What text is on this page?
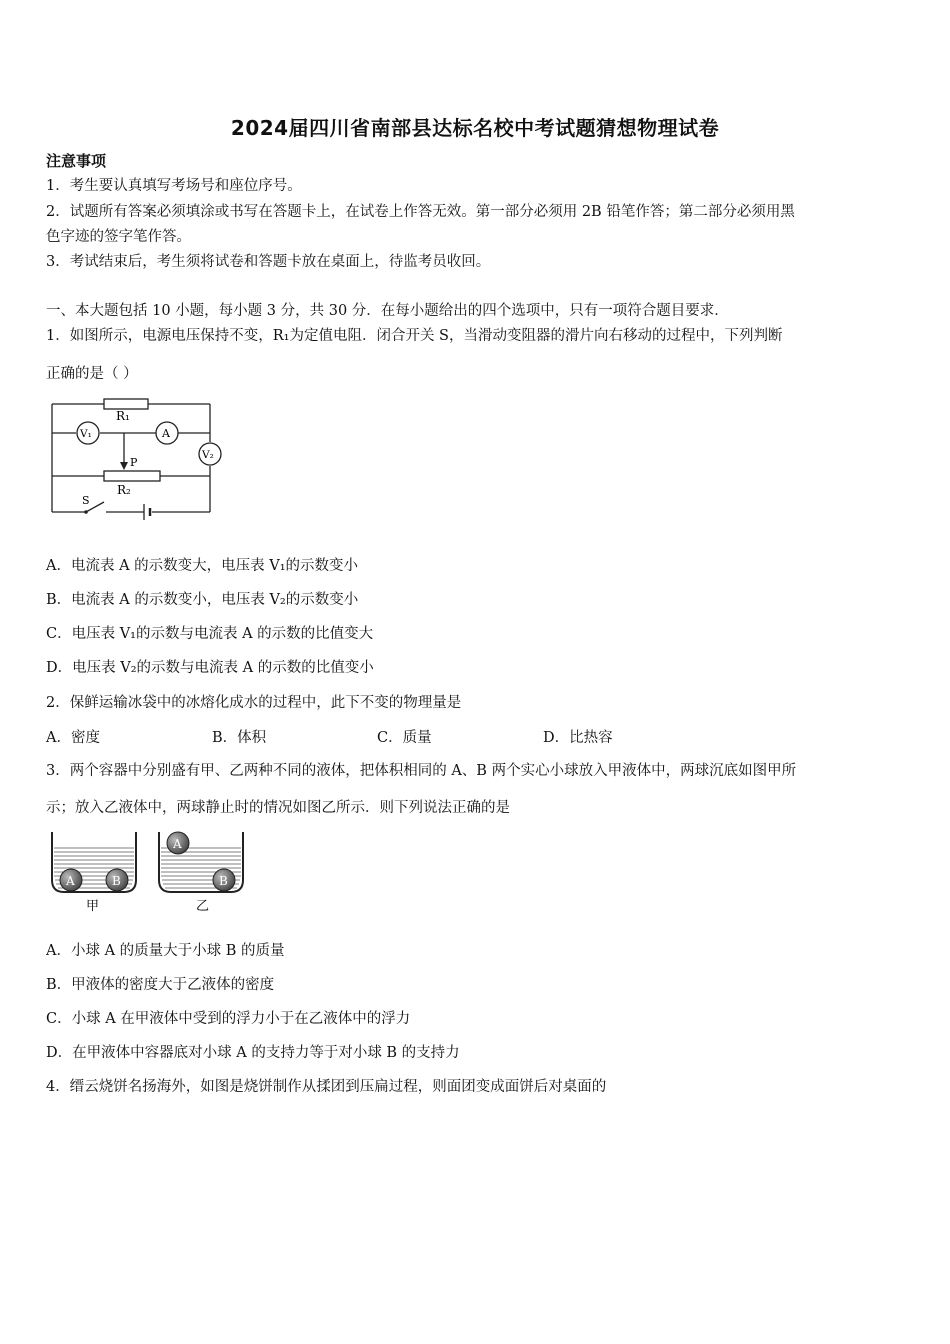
2024届四川省南部县达标名校中考试题猜想物理试卷
注意事项
1．考生要认真填写考场号和座位序号。
2．试题所有答案必须填涂或书写在答题卡上，在试卷上作答无效。第一部分必须用 2B 铅笔作答；第二部分必须用黑
色字迹的签字笔作答。
3．考试结束后，考生须将试卷和答题卡放在桌面上，待监考员收回。
一、本大题包括 10 小题，每小题 3 分，共 30 分．在每小题给出的四个选项中，只有一项符合题目要求．
1．如图所示，电源电压保持不变，R₁为定值电阻．闭合开关 S，当滑动变阻器的滑片向右移动的过程中，下列判断
正确的是（ ）
R₁
V₁	A
V₂
P
R₂
S
A．电流表 A 的示数变大，电压表 V₁的示数变小
B．电流表 A 的示数变小，电压表 V₂的示数变小
C．电压表 V₁的示数与电流表 A 的示数的比值变大
D．电压表 V₂的示数与电流表 A 的示数的比值变小
2．保鲜运输冰袋中的冰熔化成水的过程中，此下不变的物理量是
A．密度	B．体积	C．质量	D．比热容
3．两个容器中分别盛有甲、乙两种不同的液体，把体积相同的 A、B 两个实心小球放入甲液体中，两球沉底如图甲所
示；放入乙液体中，两球静止时的情况如图乙所示．则下列说法正确的是
A	B
甲
A
B
乙
A．小球 A 的质量大于小球 B 的质量
B．甲液体的密度大于乙液体的密度
C．小球 A 在甲液体中受到的浮力小于在乙液体中的浮力
D．在甲液体中容器底对小球 A 的支持力等于对小球 B 的支持力
4．缙云烧饼名扬海外，如图是烧饼制作从揉团到压扁过程，则面团变成面饼后对桌面的
